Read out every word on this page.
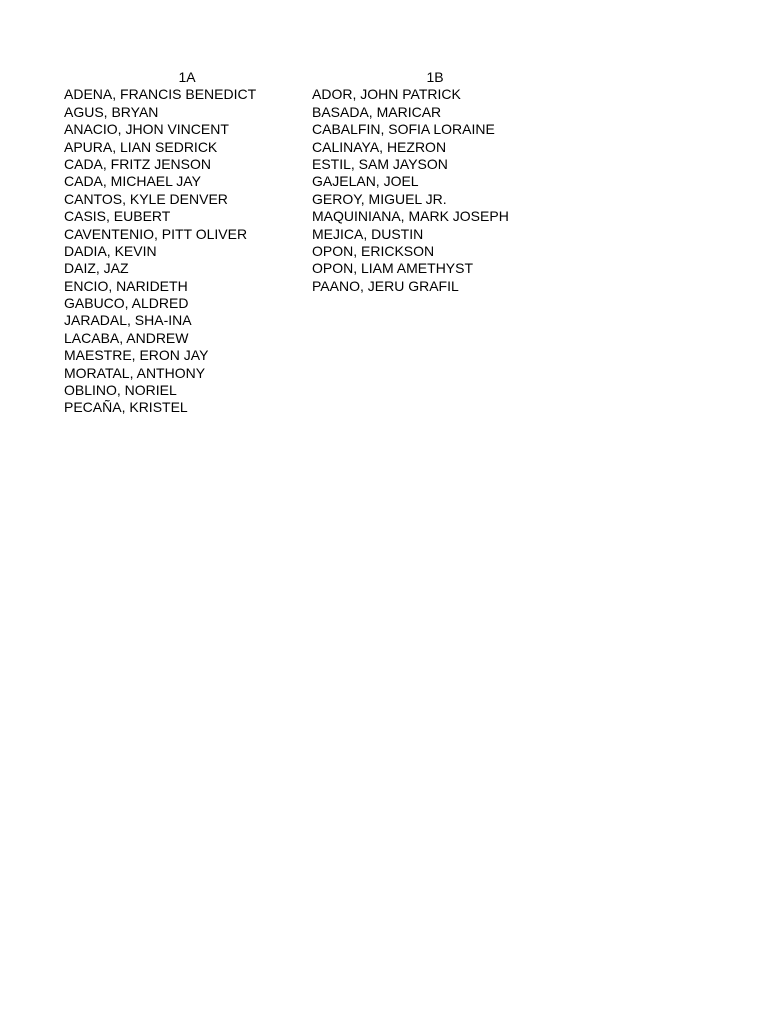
1A
ADENA, FRANCIS BENEDICT
AGUS, BRYAN
ANACIO, JHON VINCENT
APURA, LIAN SEDRICK
CADA, FRITZ JENSON
CADA, MICHAEL JAY
CANTOS, KYLE DENVER
CASIS, EUBERT
CAVENTENIO, PITT OLIVER
DADIA, KEVIN
DAIZ, JAZ
ENCIO, NARIDETH
GABUCO, ALDRED
JARADAL, SHA-INA
LACABA, ANDREW
MAESTRE, ERON JAY
MORATAL, ANTHONY
OBLINO, NORIEL
PECAÑA, KRISTEL
1B
ADOR, JOHN PATRICK
BASADA, MARICAR
CABALFIN, SOFIA LORAINE
CALINAYA, HEZRON
ESTIL, SAM JAYSON
GAJELAN, JOEL
GEROY, MIGUEL JR.
MAQUINIANA, MARK JOSEPH
MEJICA, DUSTIN
OPON, ERICKSON
OPON, LIAM AMETHYST
PAANO, JERU GRAFIL
